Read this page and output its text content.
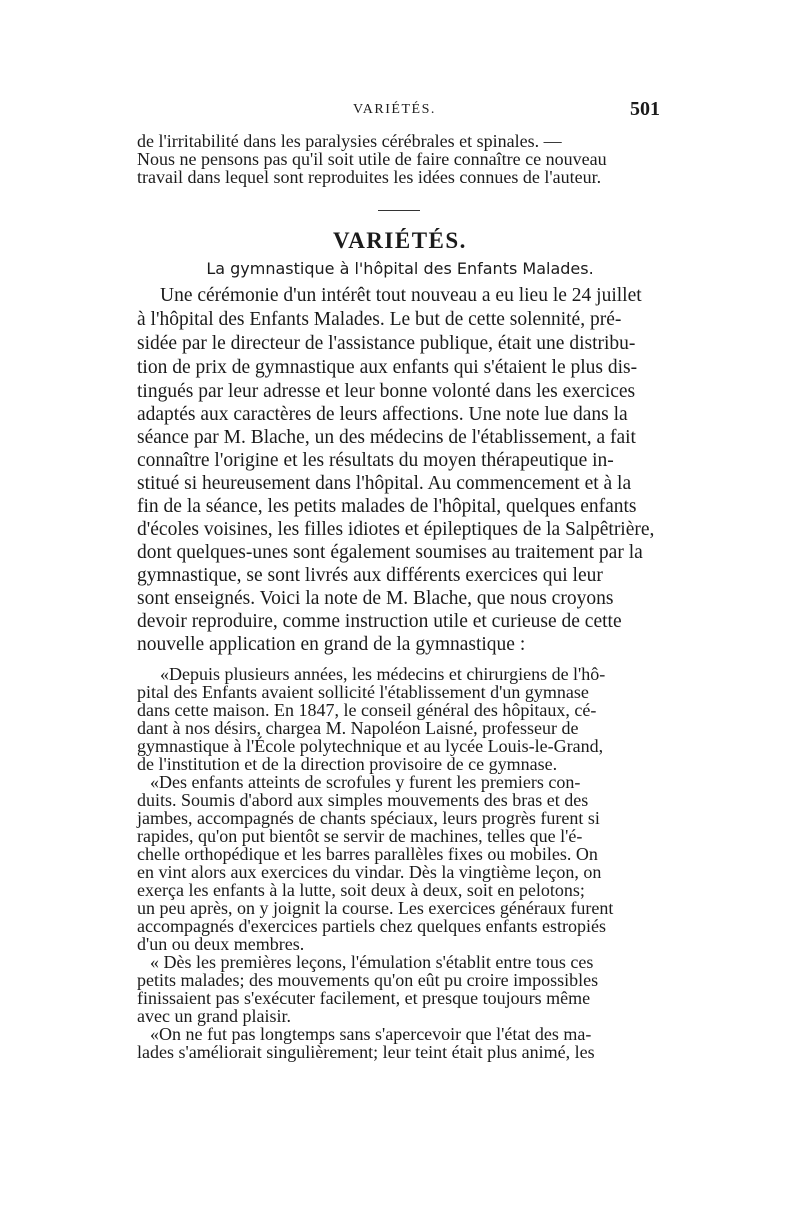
VARIÉTÉS.	501
de l'irritabilité dans les paralysies cérébrales et spinales. —
Nous ne pensons pas qu'il soit utile de faire connaître ce nouveau
travail dans lequel sont reproduites les idées connues de l'auteur.
VARIÉTÉS.
La gymnastique à l'hôpital des Enfants Malades.
Une cérémonie d'un intérêt tout nouveau a eu lieu le 24 juillet
à l'hôpital des Enfants Malades. Le but de cette solennité, pré-
sidée par le directeur de l'assistance publique, était une distribu-
tion de prix de gymnastique aux enfants qui s'étaient le plus dis-
tingués par leur adresse et leur bonne volonté dans les exercices
adaptés aux caractères de leurs affections. Une note lue dans la
séance par M. Blache, un des médecins de l'établissement, a fait
connaître l'origine et les résultats du moyen thérapeutique in-
stitué si heureusement dans l'hôpital. Au commencement et à la
fin de la séance, les petits malades de l'hôpital, quelques enfants
d'écoles voisines, les filles idiotes et épileptiques de la Salpêtrière,
dont quelques-unes sont également soumises au traitement par la
gymnastique, se sont livrés aux différents exercices qui leur
sont enseignés. Voici la note de M. Blache, que nous croyons
devoir reproduire, comme instruction utile et curieuse de cette
nouvelle application en grand de la gymnastique :
«Depuis plusieurs années, les médecins et chirurgiens de l'hô-
pital des Enfants avaient sollicité l'établissement d'un gymnase
dans cette maison. En 1847, le conseil général des hôpitaux, cé-
dant à nos désirs, chargea M. Napoléon Laisné, professeur de
gymnastique à l'École polytechnique et au lycée Louis-le-Grand,
de l'institution et de la direction provisoire de ce gymnase.
«Des enfants atteints de scrofules y furent les premiers con-
duits. Soumis d'abord aux simples mouvements des bras et des
jambes, accompagnés de chants spéciaux, leurs progrès furent si
rapides, qu'on put bientôt se servir de machines, telles que l'é-
chelle orthopédique et les barres parallèles fixes ou mobiles. On
en vint alors aux exercices du vindar. Dès la vingtième leçon, on
exerça les enfants à la lutte, soit deux à deux, soit en pelotons;
un peu après, on y joignit la course. Les exercices généraux furent
accompagnés d'exercices partiels chez quelques enfants estropiés
d'un ou deux membres.
« Dès les premières leçons, l'émulation s'établit entre tous ces
petits malades; des mouvements qu'on eût pu croire impossibles
finissaient pas s'exécuter facilement, et presque toujours même
avec un grand plaisir.
«On ne fut pas longtemps sans s'apercevoir que l'état des ma-
lades s'améliorait singulièrement; leur teint était plus animé, les
